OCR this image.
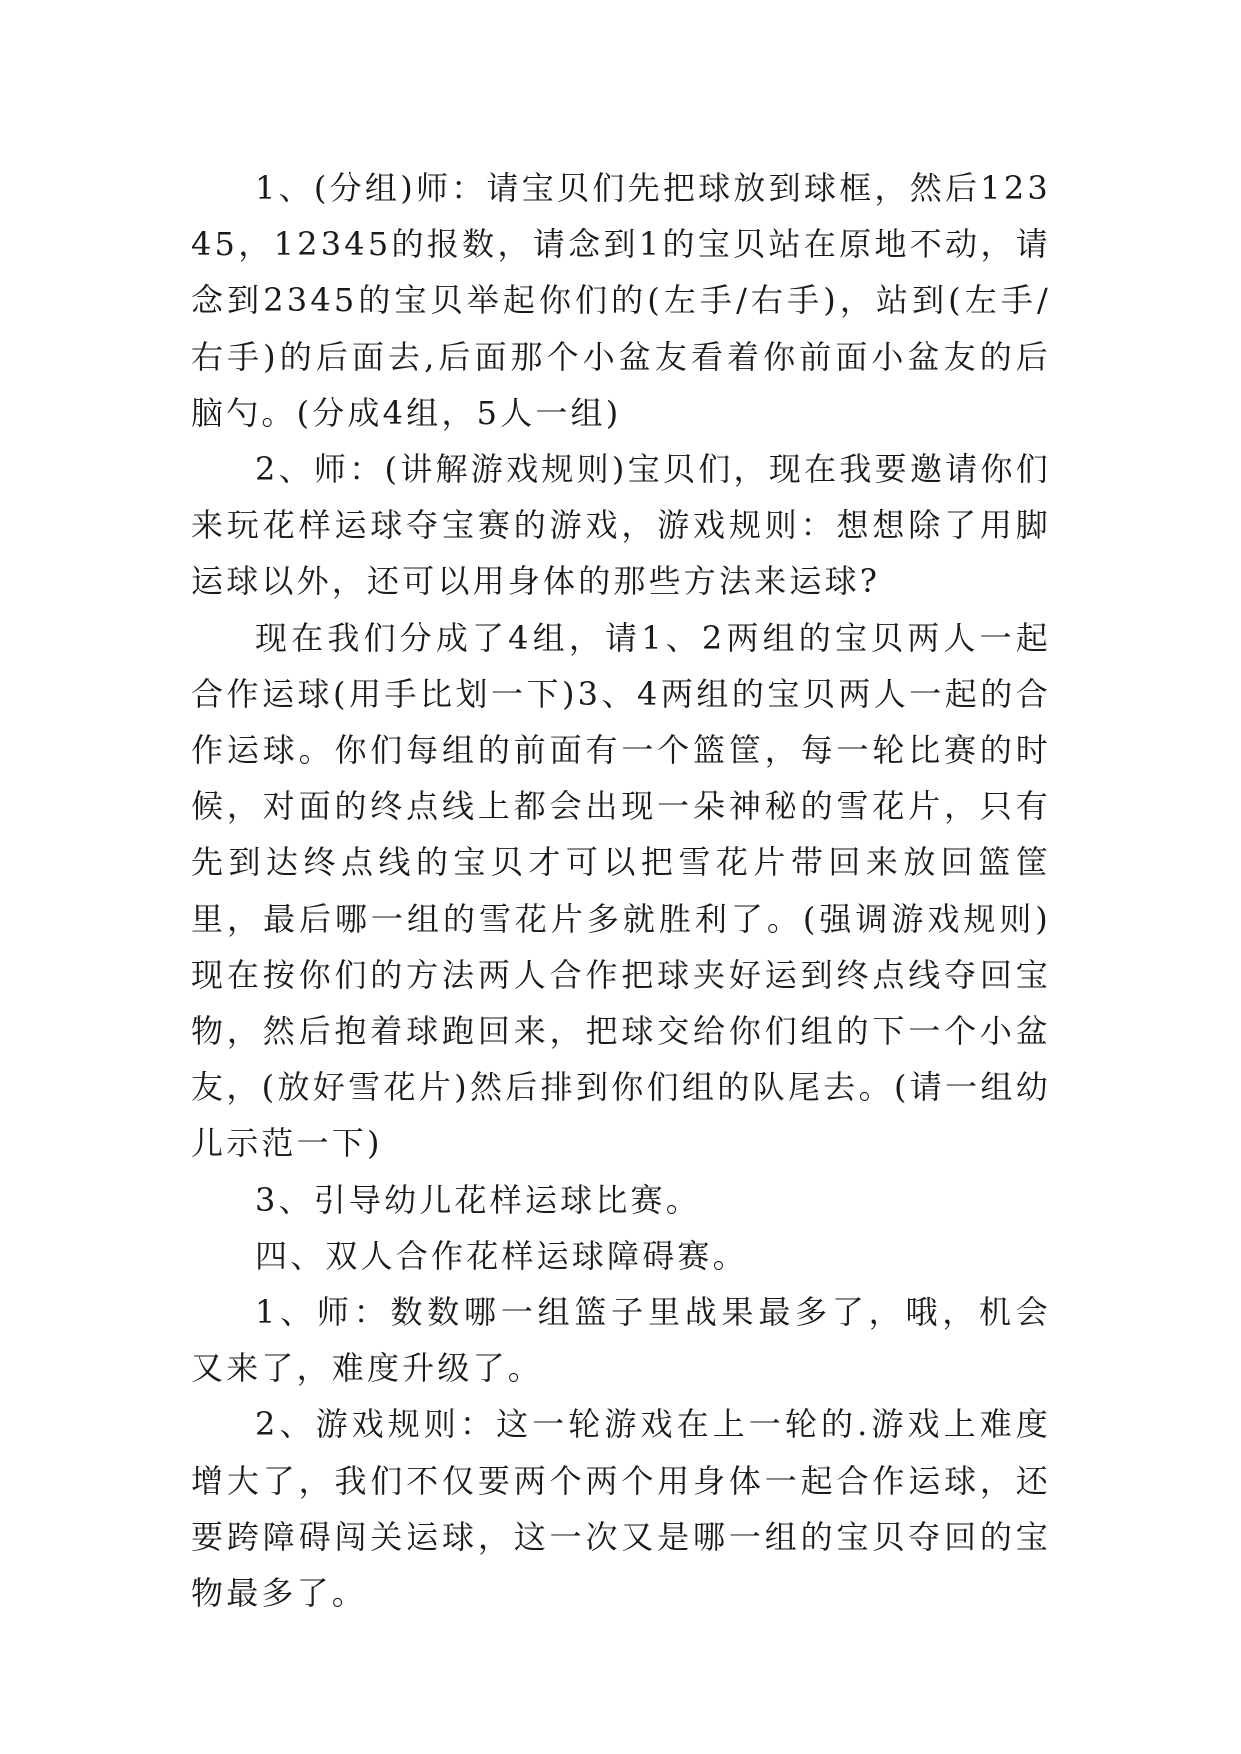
1、(分组)师：请宝贝们先把球放到球框，然后12345，12345的报数，请念到1的宝贝站在原地不动，请念到2345的宝贝举起你们的(左手/右手)，站到(左手/右手)的后面去,后面那个小盆友看着你前面小盆友的后脑勺。(分成4组，5人一组)

2、师：(讲解游戏规则)宝贝们，现在我要邀请你们来玩花样运球夺宝赛的游戏，游戏规则：想想除了用脚运球以外，还可以用身体的那些方法来运球?

现在我们分成了4组，请1、2两组的宝贝两人一起合作运球(用手比划一下)3、4两组的宝贝两人一起的合作运球。你们每组的前面有一个篮筐，每一轮比赛的时候，对面的终点线上都会出现一朵神秘的雪花片，只有先到达终点线的宝贝才可以把雪花片带回来放回篮筐里，最后哪一组的雪花片多就胜利了。(强调游戏规则)现在按你们的方法两人合作把球夹好运到终点线夺回宝物，然后抱着球跑回来，把球交给你们组的下一个小盆友，(放好雪花片)然后排到你们组的队尾去。(请一组幼儿示范一下)

3、引导幼儿花样运球比赛。

四、双人合作花样运球障碍赛。

1、师：数数哪一组篮子里战果最多了，哦，机会又来了，难度升级了。

2、游戏规则：这一轮游戏在上一轮的.游戏上难度增大了，我们不仅要两个两个用身体一起合作运球，还要跨障碍闯关运球，这一次又是哪一组的宝贝夺回的宝物最多了。
